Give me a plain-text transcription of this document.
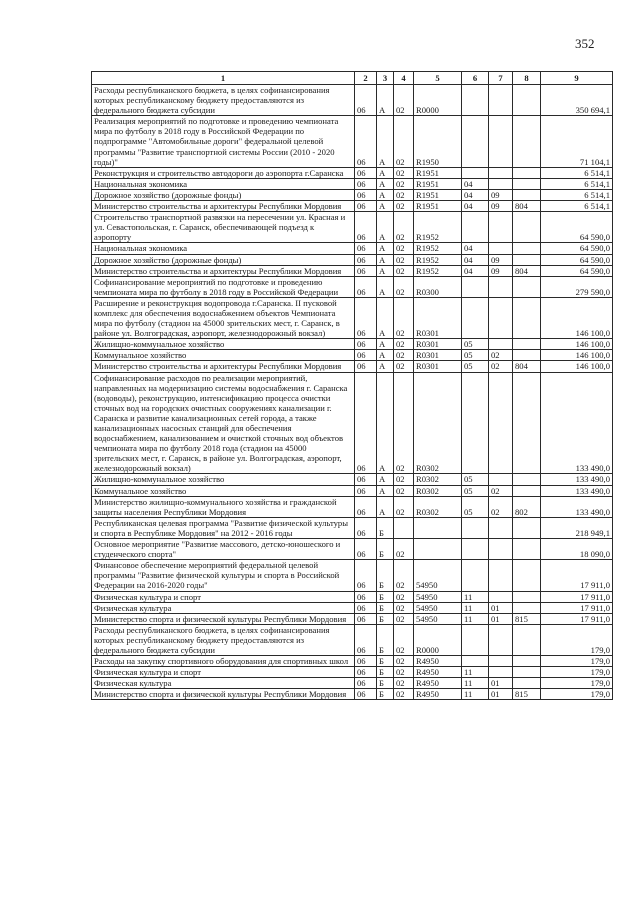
352
1	2	3	4	5	6	7	8	9
Расходы республиканского бюджета, в целях софинансирования которых республиканскому бюджету предоставляются из федерального бюджета субсидии	06	А	02	R0000				350 694,1
Реализация мероприятий по подготовке и проведению чемпионата мира по футболу в 2018 году в Российской Федерации по подпрограмме "Автомобильные дороги" федеральной целевой программы "Развитие транспортной системы России (2010 - 2020 годы)"	06	А	02	R1950				71 104,1
Реконструкция и строительство автодороги до аэропорта г.Саранска	06	А	02	R1951				6 514,1
Национальная экономика	06	А	02	R1951	04			6 514,1
Дорожное хозяйство (дорожные фонды)	06	А	02	R1951	04	09		6 514,1
Министерство строительства и архитектуры Республики Мордовия	06	А	02	R1951	04	09	804	6 514,1
Строительство транспортной развязки на пересечении ул. Красная и ул. Севастопольская, г. Саранск, обеспечивающей подъезд к аэропорту	06	А	02	R1952				64 590,0
Национальная экономика	06	А	02	R1952	04			64 590,0
Дорожное хозяйство (дорожные фонды)	06	А	02	R1952	04	09		64 590,0
Министерство строительства и архитектуры Республики Мордовия	06	А	02	R1952	04	09	804	64 590,0
Софинансирование мероприятий по подготовке и проведению чемпионата мира по футболу в 2018 году в Российской Федерации	06	А	02	R0300				279 590,0
Расширение и реконструкция водопровода г.Саранска. II пусковой комплекс для обеспечения водоснабжением объектов Чемпионата мира по футболу (стадион на 45000 зрительских мест, г. Саранск, в районе ул. Волгоградская, аэропорт, железнодорожный вокзал)	06	А	02	R0301				146 100,0
Жилищно-коммунальное хозяйство	06	А	02	R0301	05			146 100,0
Коммунальное хозяйство	06	А	02	R0301	05	02		146 100,0
Министерство строительства и архитектуры Республики Мордовия	06	А	02	R0301	05	02	804	146 100,0
Софинансирование расходов по реализации мероприятий, направленных на модернизацию системы водоснабжения г. Саранска (водоводы), реконструкцию, интенсификацию процесса очистки сточных вод на городских очистных сооружениях канализации г. Саранска и развитие канализационных сетей города, а также канализационных насосных станций для обеспечения водоснабжением, канализованием и очисткой сточных вод объектов чемпионата мира по футболу 2018 года (стадион на 45000 зрительских мест, г. Саранск, в районе ул. Волгоградская, аэропорт, железнодорожный вокзал)	06	А	02	R0302				133 490,0
Жилищно-коммунальное хозяйство	06	А	02	R0302	05			133 490,0
Коммунальное хозяйство	06	А	02	R0302	05	02		133 490,0
Министерство жилищно-коммунального хозяйства и гражданской защиты населения Республики Мордовия	06	А	02	R0302	05	02	802	133 490,0
Республиканская целевая программа "Развитие физической культуры и спорта в Республике Мордовия" на 2012 - 2016 годы	06	Б						218 949,1
Основное мероприятие "Развитие массового, детско-юношеского и студенческого спорта"	06	Б	02					18 090,0
Финансовое обеспечение мероприятий федеральной целевой программы "Развитие физической культуры и спорта в Российской Федерации на 2016-2020 годы"	06	Б	02	54950				17 911,0
Физическая культура и спорт	06	Б	02	54950	11			17 911,0
Физическая культура	06	Б	02	54950	11	01		17 911,0
Министерство спорта и физической культуры Республики Мордовия	06	Б	02	54950	11	01	815	17 911,0
Расходы республиканского бюджета, в целях софинансирования которых республиканскому бюджету предоставляются из федерального бюджета субсидии	06	Б	02	R0000				179,0
Расходы на закупку спортивного оборудования для спортивных школ	06	Б	02	R4950				179,0
Физическая культура и спорт	06	Б	02	R4950	11			179,0
Физическая культура	06	Б	02	R4950	11	01		179,0
Министерство спорта и физической культуры Республики Мордовия	06	Б	02	R4950	11	01	815	179,0
